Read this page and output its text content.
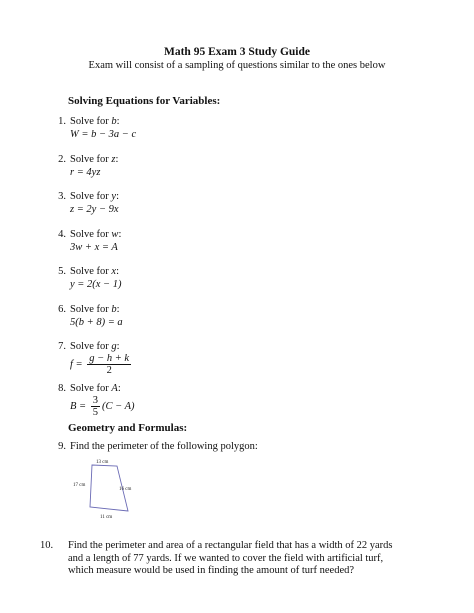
Math 95 Exam 3 Study Guide
Exam will consist of a sampling of questions similar to the ones below
Solving Equations for Variables:
1. Solve for b:
W = b − 3a − c
2. Solve for z:
r = 4yz
3. Solve for y:
z = 2y − 9x
4. Solve for w:
3w + x = A
5. Solve for x:
y = 2(x − 1)
6. Solve for b:
5(b + 8) = a
7. Solve for g:
$f = \frac{g - h + k}{2}$
8. Solve for A:
$B = \frac{3}{5} (C - A)$
Geometry and Formulas:
9. Find the perimeter of the following polygon:
13 cm
17 cm
16 cm
11 cm
10. Find the perimeter and area of a rectangular field that has a width of 22 yards and a length of 77 yards. If we wanted to cover the field with artificial turf, which measure would be used in finding the amount of turf needed?
